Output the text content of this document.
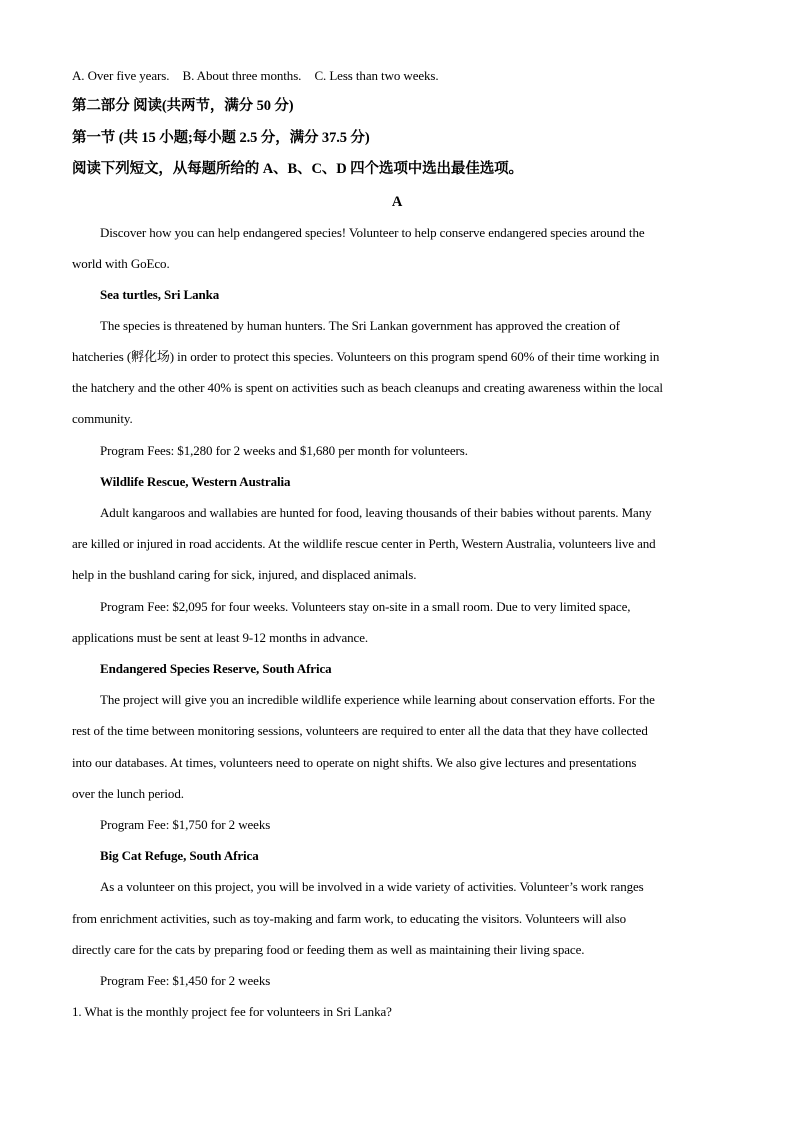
A. Over five years. B. About three months. C. Less than two weeks.
第二部分 阅读(共两节，满分 50 分)
第一节 (共 15 小题;每小题 2.5 分，满分 37.5 分)
阅读下列短文，从每题所给的 A、B、C、D 四个选项中选出最佳选项。
A
Discover how you can help endangered species! Volunteer to help conserve endangered species around the
world with GoEco.
Sea turtles, Sri Lanka
The species is threatened by human hunters. The Sri Lankan government has approved the creation of
hatcheries (孵化场) in order to protect this species. Volunteers on this program spend 60% of their time working in
the hatchery and the other 40% is spent on activities such as beach cleanups and creating awareness within the local
community.
Program Fees: $1,280 for 2 weeks and $1,680 per month for volunteers.
Wildlife Rescue, Western Australia
Adult kangaroos and wallabies are hunted for food, leaving thousands of their babies without parents. Many
are killed or injured in road accidents. At the wildlife rescue center in Perth, Western Australia, volunteers live and
help in the bushland caring for sick, injured, and displaced animals.
Program Fee: $2,095 for four weeks. Volunteers stay on-site in a small room. Due to very limited space,
applications must be sent at least 9-12 months in advance.
Endangered Species Reserve, South Africa
The project will give you an incredible wildlife experience while learning about conservation efforts. For the
rest of the time between monitoring sessions, volunteers are required to enter all the data that they have collected
into our databases. At times, volunteers need to operate on night shifts. We also give lectures and presentations
over the lunch period.
Program Fee: $1,750 for 2 weeks
Big Cat Refuge, South Africa
As a volunteer on this project, you will be involved in a wide variety of activities. Volunteer’s work ranges
from enrichment activities, such as toy-making and farm work, to educating the visitors. Volunteers will also
directly care for the cats by preparing food or feeding them as well as maintaining their living space.
Program Fee: $1,450 for 2 weeks
1. What is the monthly project fee for volunteers in Sri Lanka?
